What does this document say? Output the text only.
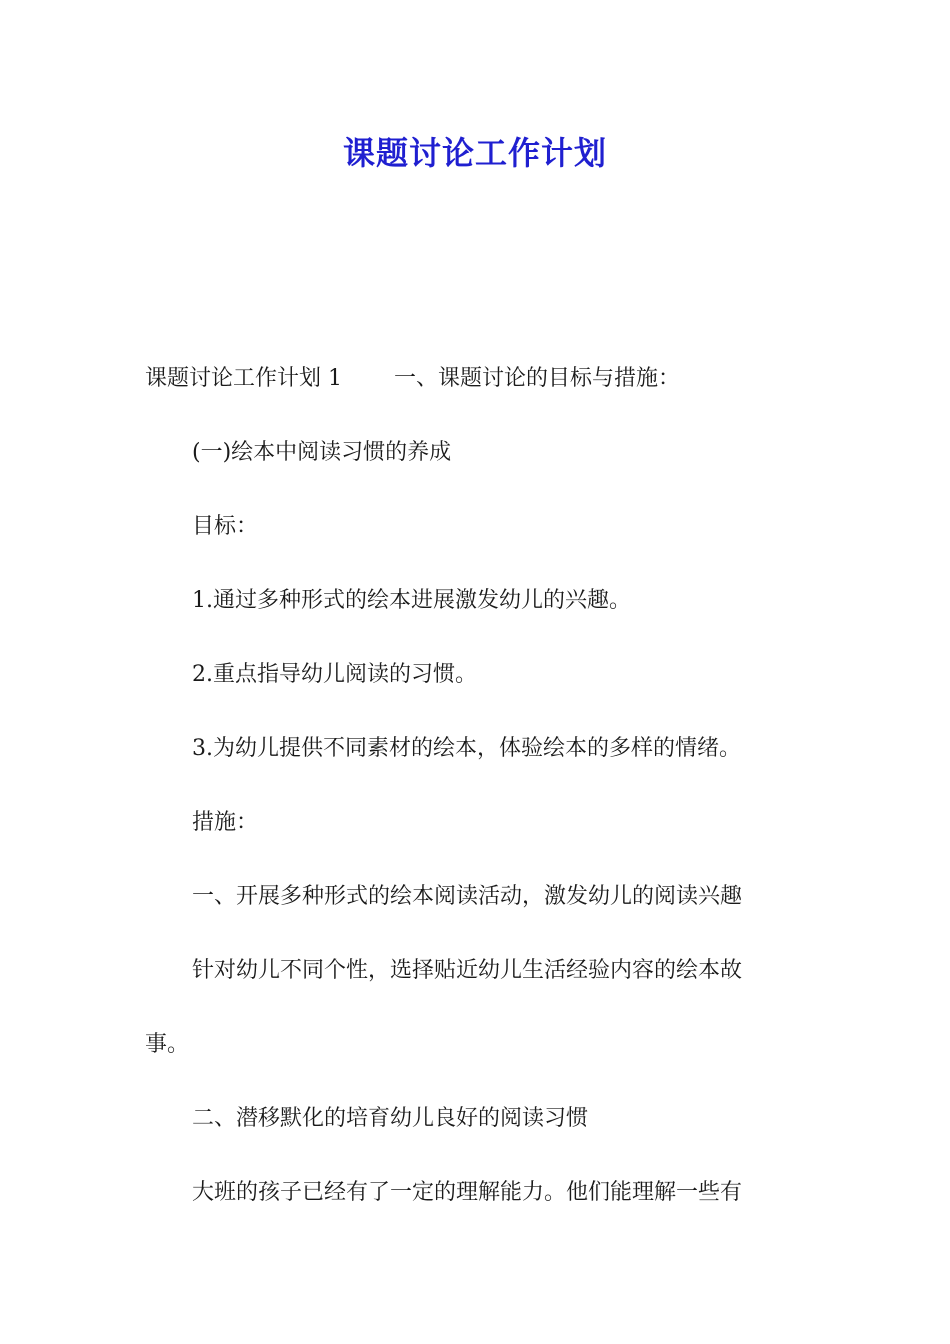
课题讨论工作计划

课题讨论工作计划 1 一、课题讨论的目标与措施：

(一)绘本中阅读习惯的养成

目标：

1.通过多种形式的绘本进展激发幼儿的兴趣。

2.重点指导幼儿阅读的习惯。

3.为幼儿提供不同素材的绘本，体验绘本的多样的情绪。

措施：

一、开展多种形式的绘本阅读活动，激发幼儿的阅读兴趣

针对幼儿不同个性，选择贴近幼儿生活经验内容的绘本故

事。

二、潜移默化的培育幼儿良好的阅读习惯

大班的孩子已经有了一定的理解能力。他们能理解一些有
